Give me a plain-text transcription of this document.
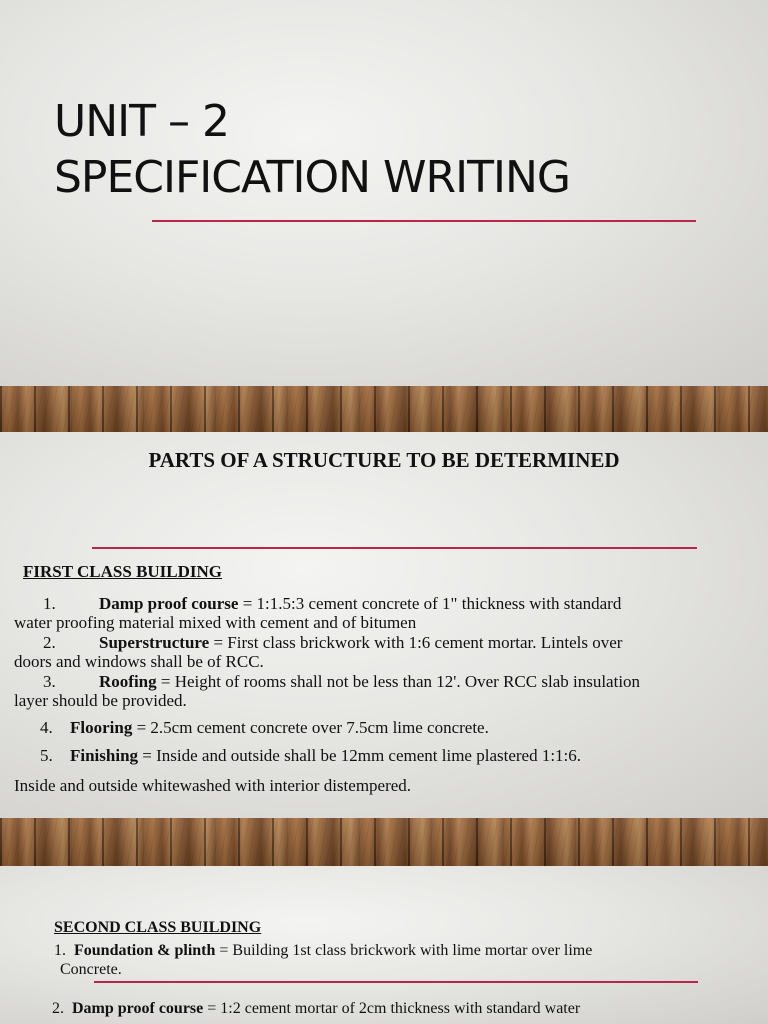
UNIT – 2
SPECIFICATION WRITING
PARTS OF A STRUCTURE TO BE DETERMINED
FIRST CLASS BUILDING
1.	Damp proof course = 1:1.5:3 cement concrete of 1" thickness with standard
water proofing material mixed with cement and of bitumen
2.	Superstructure = First class brickwork with 1:6 cement mortar. Lintels over
doors and windows shall be of RCC.
3.	Roofing = Height of rooms shall not be less than 12'. Over RCC slab insulation
layer should be provided.
4. Flooring = 2.5cm cement concrete over 7.5cm lime concrete.
5. Finishing = Inside and outside shall be 12mm cement lime plastered 1:1:6.
Inside and outside whitewashed with interior distempered.
SECOND CLASS BUILDING
1. Foundation & plinth = Building 1st class brickwork with lime mortar over lime
Concrete.
2. Damp proof course = 1:2 cement mortar of 2cm thickness with standard water
